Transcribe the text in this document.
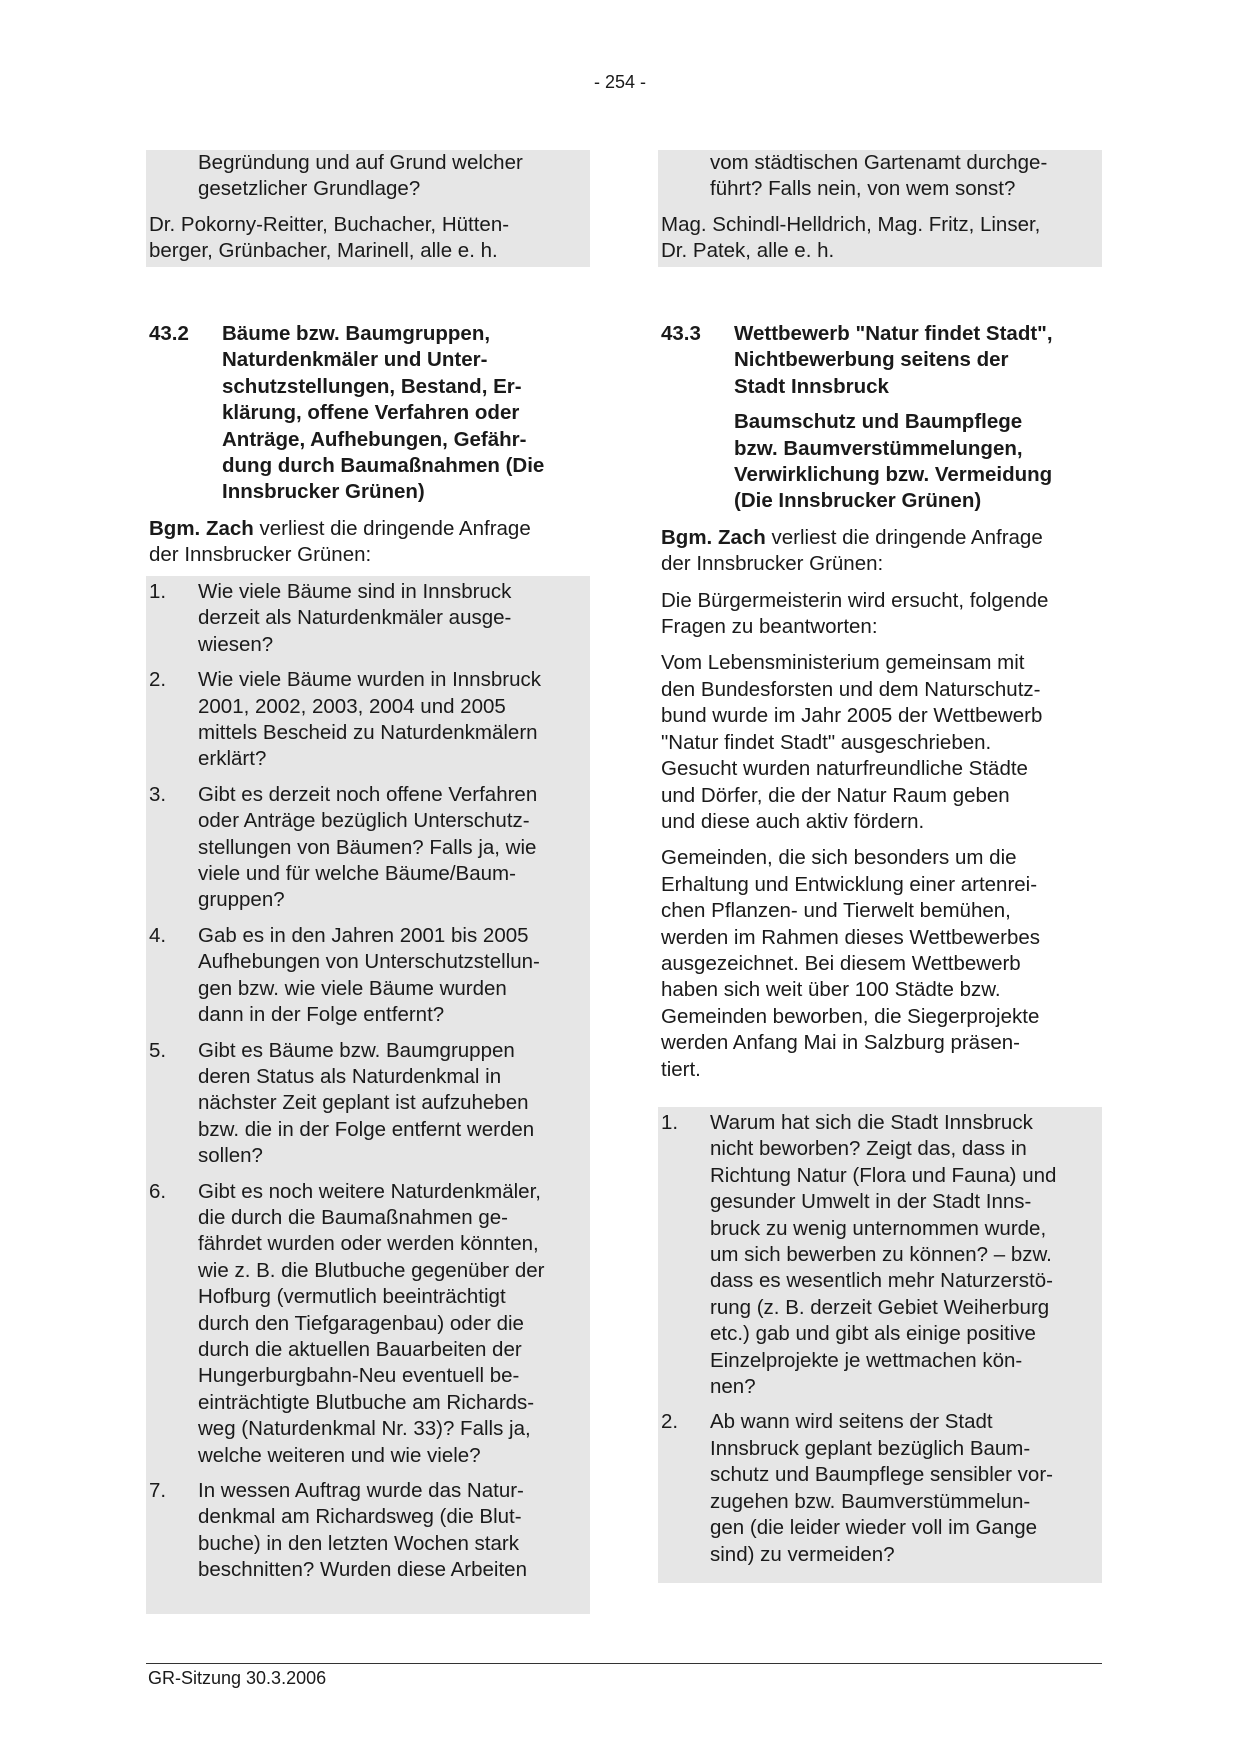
- 254 -

Begründung und auf Grund welcher
gesetzlicher Grundlage?

Dr. Pokorny-Reitter, Buchacher, Hütten-
berger, Grünbacher, Marinell, alle e. h.

43.2	Bäume bzw. Baumgruppen,
Naturdenkmäler und Unter-
schutzstellungen, Bestand, Er-
klärung, offene Verfahren oder
Anträge, Aufhebungen, Gefähr-
dung durch Baumaßnahmen (Die
Innsbrucker Grünen)

Bgm. Zach verliest die dringende Anfrage
der Innsbrucker Grünen:

1.	Wie viele Bäume sind in Innsbruck
derzeit als Naturdenkmäler ausge-
wiesen?
2.	Wie viele Bäume wurden in Innsbruck
2001, 2002, 2003, 2004 und 2005
mittels Bescheid zu Naturdenkmälern
erklärt?
3.	Gibt es derzeit noch offene Verfahren
oder Anträge bezüglich Unterschutz-
stellungen von Bäumen? Falls ja, wie
viele und für welche Bäume/Baum-
gruppen?
4.	Gab es in den Jahren 2001 bis 2005
Aufhebungen von Unterschutzstellun-
gen bzw. wie viele Bäume wurden
dann in der Folge entfernt?
5.	Gibt es Bäume bzw. Baumgruppen
deren Status als Naturdenkmal in
nächster Zeit geplant ist aufzuheben
bzw. die in der Folge entfernt werden
sollen?
6.	Gibt es noch weitere Naturdenkmäler,
die durch die Baumaßnahmen ge-
fährdet wurden oder werden könnten,
wie z. B. die Blutbuche gegenüber der
Hofburg (vermutlich beeinträchtigt
durch den Tiefgaragenbau) oder die
durch die aktuellen Bauarbeiten der
Hungerburgbahn-Neu eventuell be-
einträchtigte Blutbuche am Richards-
weg (Naturdenkmal Nr. 33)? Falls ja,
welche weiteren und wie viele?
7.	In wessen Auftrag wurde das Natur-
denkmal am Richardsweg (die Blut-
buche) in den letzten Wochen stark
beschnitten? Wurden diese Arbeiten

vom städtischen Gartenamt durchge-
führt? Falls nein, von wem sonst?

Mag. Schindl-Helldrich, Mag. Fritz, Linser,
Dr. Patek, alle e. h.

43.3	Wettbewerb "Natur findet Stadt",
Nichtbewerbung seitens der
Stadt Innsbruck

Baumschutz und Baumpflege
bzw. Baumverstümmelungen,
Verwirklichung bzw. Vermeidung
(Die Innsbrucker Grünen)

Bgm. Zach verliest die dringende Anfrage
der Innsbrucker Grünen:

Die Bürgermeisterin wird ersucht, folgende
Fragen zu beantworten:

Vom Lebensministerium gemeinsam mit
den Bundesforsten und dem Naturschutz-
bund wurde im Jahr 2005 der Wettbewerb
"Natur findet Stadt" ausgeschrieben.
Gesucht wurden naturfreundliche Städte
und Dörfer, die der Natur Raum geben
und diese auch aktiv fördern.

Gemeinden, die sich besonders um die
Erhaltung und Entwicklung einer artenrei-
chen Pflanzen- und Tierwelt bemühen,
werden im Rahmen dieses Wettbewerbes
ausgezeichnet. Bei diesem Wettbewerb
haben sich weit über 100 Städte bzw.
Gemeinden beworben, die Siegerprojekte
werden Anfang Mai in Salzburg präsen-
tiert.

1.	Warum hat sich die Stadt Innsbruck
nicht beworben? Zeigt das, dass in
Richtung Natur (Flora und Fauna) und
gesunder Umwelt in der Stadt Inns-
bruck zu wenig unternommen wurde,
um sich bewerben zu können? – bzw.
dass es wesentlich mehr Naturzerstö-
rung (z. B. derzeit Gebiet Weiherburg
etc.) gab und gibt als einige positive
Einzelprojekte je wettmachen kön-
nen?
2.	Ab wann wird seitens der Stadt
Innsbruck geplant bezüglich Baum-
schutz und Baumpflege sensibler vor-
zugehen bzw. Baumverstümmelun-
gen (die leider wieder voll im Gange
sind) zu vermeiden?
GR-Sitzung 30.3.2006
